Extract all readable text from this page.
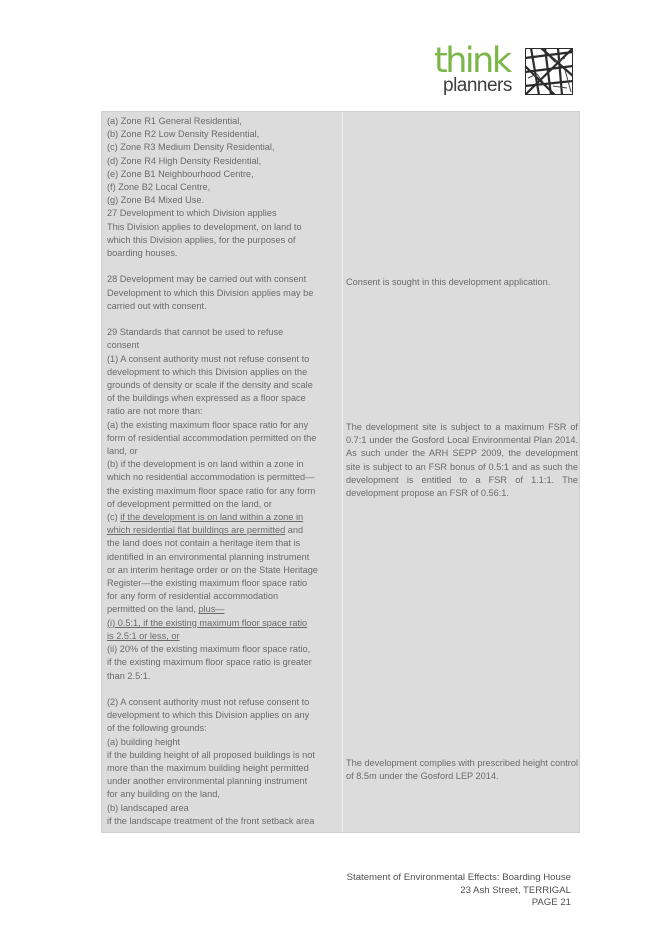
think
planners

(a) Zone R1 General Residential,

(b) Zone R2 Low Density Residential,

(c) Zone R3 Medium Density Residential,

(d) Zone R4 High Density Residential,

(e) Zone B1 Neighbourhood Centre,

(f) Zone B2 Local Centre,

(g) Zone B4 Mixed Use.

27 Development to which Division applies

This Division applies to development, on land to

which this Division applies, for the purposes of

boarding houses.

28 Development may be carried out with consent

Development to which this Division applies may be

carried out with consent.

29 Standards that cannot be used to refuse

consent

(1) A consent authority must not refuse consent to

development to which this Division applies on the

grounds of density or scale if the density and scale

of the buildings when expressed as a floor space

ratio are not more than:

(a) the existing maximum floor space ratio for any

form of residential accommodation permitted on the

land, or

(b) if the development is on land within a zone in

which no residential accommodation is permitted—

the existing maximum floor space ratio for any form

of development permitted on the land, or

(c) if the development is on land within a zone in

which residential flat buildings are permitted and

the land does not contain a heritage item that is

identified in an environmental planning instrument

or an interim heritage order or on the State Heritage

Register—the existing maximum floor space ratio

for any form of residential accommodation

permitted on the land, plus—

(i) 0.5:1, if the existing maximum floor space ratio

is 2.5:1 or less, or

(ii) 20% of the existing maximum floor space ratio,

if the existing maximum floor space ratio is greater

than 2.5:1.

(2) A consent authority must not refuse consent to

development to which this Division applies on any

of the following grounds:

(a) building height

if the building height of all proposed buildings is not

more than the maximum building height permitted

under another environmental planning instrument

for any building on the land,

(b) landscaped area

if the landscape treatment of the front setback area

Consent is sought in this development application.

The development site is subject to a maximum FSR of 0.7:1 under the Gosford Local Environmental Plan 2014. As such under the ARH SEPP 2009, the development site is subject to an FSR bonus of 0.5:1 and as such the development is entitled to a FSR of 1.1:1. The development propose an FSR of 0.56:1.

The development complies with prescribed height control of 8.5m under the Gosford LEP 2014.

Statement of Environmental Effects: Boarding House
23 Ash Street, TERRIGAL
PAGE 21
